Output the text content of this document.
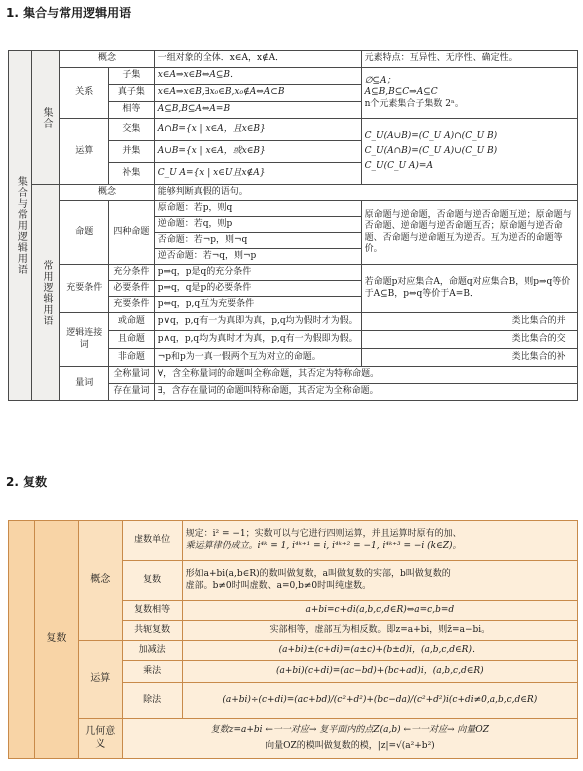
1. 集合与常用逻辑用语
集合与常用逻辑用语	集合	概念		一组对象的全体．x∈A，x∉A．	元素特点：互异性、无序性、确定性。
		关系	子集	x∈A⇒x∈B⇔A⊆B．	∅⊆A；
A⊆B,B⊆C⇒A⊆C
n个元素集合子集数 2ⁿ。

			真子集	x∈A⇒x∈B,∃x₀∈B,x₀∉A⇔A⊂B	
			相等	A⊆B,B⊆A⇔A=B	
		运算	交集	A∩B={x | x∈A，且x∈B}	C_U(A∪B)=(C_U A)∩(C_U B)
C_U(A∩B)=(C_U A)∪(C_U B)
C_U(C_U A)=A

			并集	A∪B={x | x∈A，或x∈B}	
			补集	C_U A={x | x∈U且x∉A}	
	常用逻辑用语	概念		能够判断真假的语句。	
		命题	四种命题	原命题：若p，则q	原命题与逆命题，否命题与逆否命题互逆；原命题与否命题、逆命题与逆否命题互否；原命题与逆否命题、否命题与逆命题互为逆否。互为逆否的命题等价。
				逆命题：若q，则p	
				否命题：若¬p，则¬q	
				逆否命题：若¬q，则¬p	
		充要条件	充分条件	p⇒q，p是q的充分条件	若命题p对应集合A，命题q对应集合B，则p⇒q等价于A⊆B，p⇔q等价于A=B．
			必要条件	p⇒q，q是p的必要条件	
			充要条件	p⇔q，p,q互为充要条件	
		逻辑连接词	或命题	p∨q，p,q有一为真即为真，p,q均为假时才为假。	类比集合的并
			且命题	p∧q，p,q均为真时才为真，p,q有一为假即为假。	类比集合的交
			非命题	¬p和p为一真一假两个互为对立的命题。	类比集合的补
		量词	全称量词	∀，含全称量词的命题叫全称命题，其否定为特称命题。	
			存在量词	∃，含存在量词的命题叫特称命题，其否定为全称命题。	
2. 复数
	复数	概念	虚数单位	规定：i² = −1；实数可以与它进行四则运算，并且运算时原有的加、
乘运算律仍成立。i⁴ᵏ = 1, i⁴ᵏ⁺¹ = i, i⁴ᵏ⁺² = −1, i⁴ᵏ⁺³ = −i (k∈Z)。

			复数	形如a+bi(a,b∈R)的数叫做复数，a叫做复数的实部，b叫做复数的
虚部。b≠0时叫虚数、a=0,b≠0时叫纯虚数。

			复数相等	a+bi=c+di(a,b,c,d∈R)⇔a=c,b=d
			共轭复数	实部相等，虚部互为相反数。即z=a+bi，则z̄=a−bi。
		运算	加减法	(a+bi)±(c+di)=(a±c)+(b±d)i，(a,b,c,d∈R)．
			乘法	(a+bi)(c+di)=(ac−bd)+(bc+ad)i，(a,b,c,d∈R)
			除法	(a+bi)÷(c+di)=(ac+bd)/(c²+d²)+(bc−da)/(c²+d²)i(c+di≠0,a,b,c,d∈R)
		几何意义	复数z=a+bi ←一一对应→ 复平面内的点Z(a,b) ←一一对应→ 向量OZ
向量OZ的模叫做复数的模，|z|=√(a²+b²)	
